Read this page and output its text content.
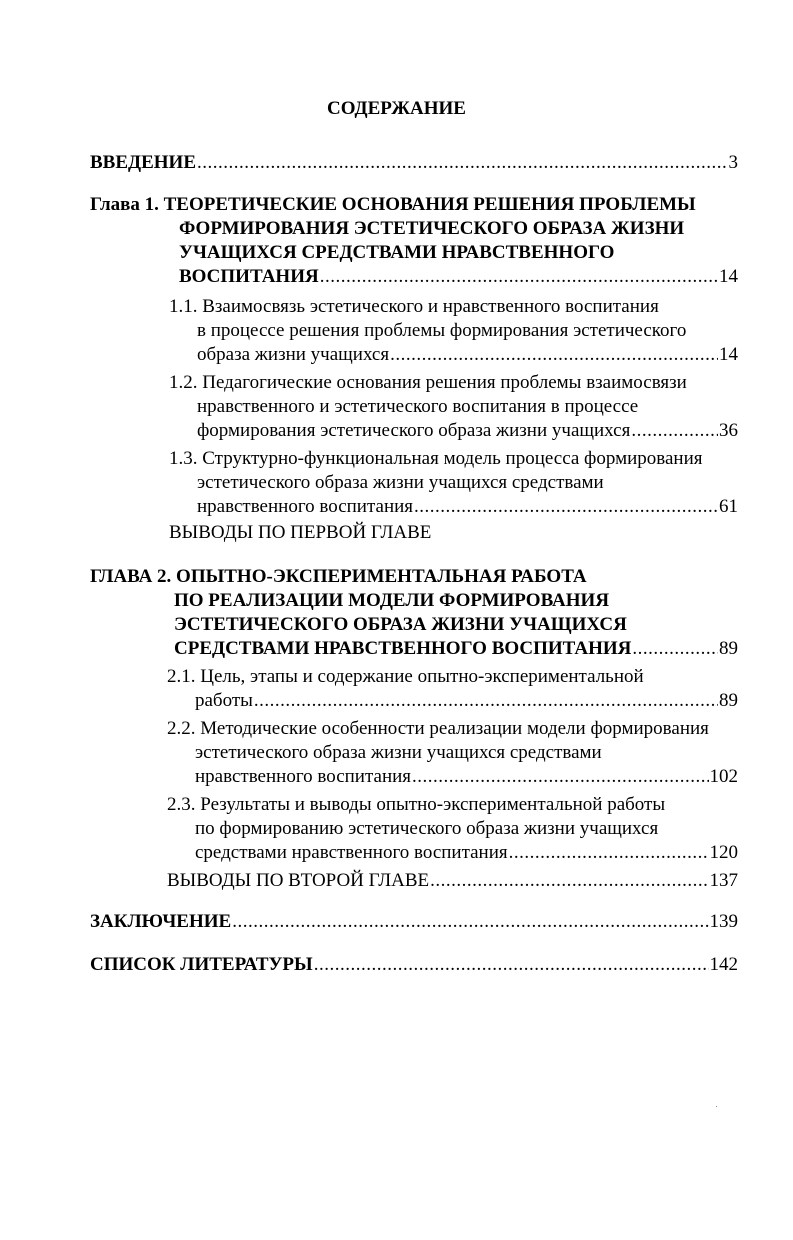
СОДЕРЖАНИЕ
ВВЕДЕНИЕ .....	3
Глава 1. ТЕОРЕТИЧЕСКИЕ ОСНОВАНИЯ РЕШЕНИЯ ПРОБЛЕМЫ
ФОРМИРОВАНИЯ ЭСТЕТИЧЕСКОГО ОБРАЗА ЖИЗНИ
УЧАЩИХСЯ СРЕДСТВАМИ НРАВСТВЕННОГО
ВОСПИТАНИЯ .....	14
1.1. Взаимосвязь эстетического и нравственного воспитания
в процессе решения проблемы формирования эстетического
образа жизни учащихся .....	14
1.2. Педагогические основания решения проблемы взаимосвязи
нравственного и эстетического воспитания в процессе
формирования эстетического образа жизни учащихся .....	36
1.3. Структурно-функциональная модель процесса формирования
эстетического образа жизни учащихся средствами
нравственного воспитания .....	61
ВЫВОДЫ ПО ПЕРВОЙ ГЛАВЕ
ГЛАВА 2. ОПЫТНО-ЭКСПЕРИМЕНТАЛЬНАЯ РАБОТА
ПО РЕАЛИЗАЦИИ МОДЕЛИ ФОРМИРОВАНИЯ
ЭСТЕТИЧЕСКОГО ОБРАЗА ЖИЗНИ УЧАЩИХСЯ
СРЕДСТВАМИ НРАВСТВЕННОГО ВОСПИТАНИЯ .....	89
2.1. Цель, этапы и содержание опытно-экспериментальной
работы .....	89
2.2. Методические особенности реализации модели формирования
эстетического образа жизни учащихся средствами
нравственного воспитания .....	102
2.3. Результаты и выводы опытно-экспериментальной работы
по формированию эстетического образа жизни учащихся
средствами нравственного воспитания .....	120
ВЫВОДЫ ПО ВТОРОЙ ГЛАВЕ .....	137
ЗАКЛЮЧЕНИЕ .....	139
СПИСОК ЛИТЕРАТУРЫ .....	142
